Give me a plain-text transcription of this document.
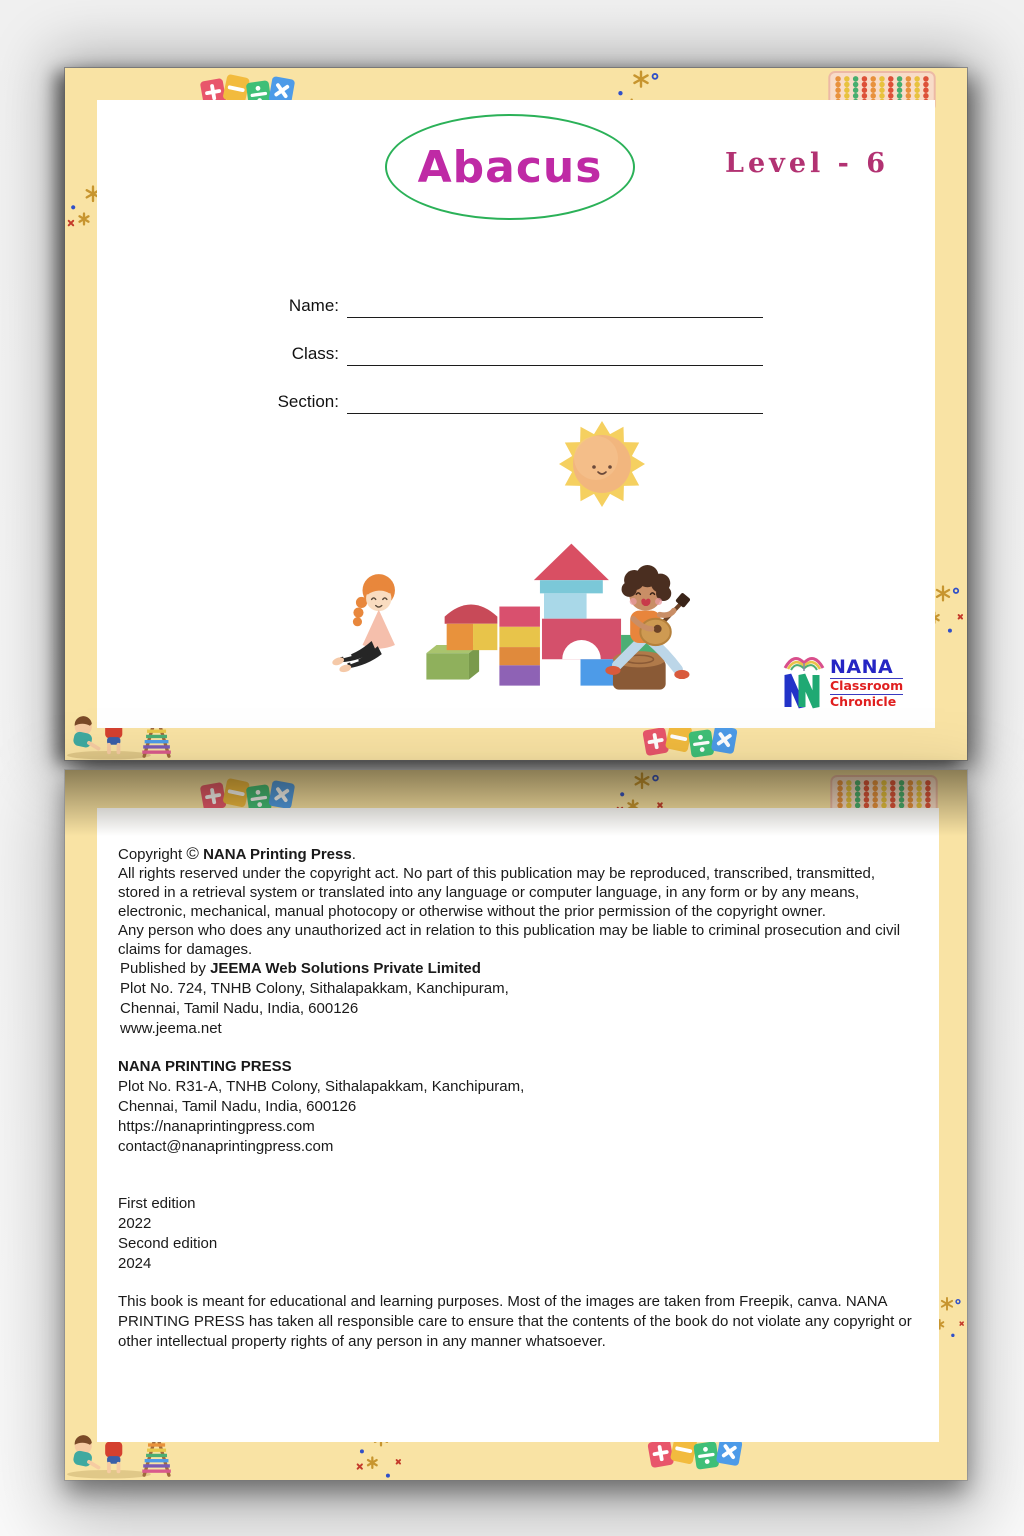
Abacus	Level - 6
Name:
Class:
Section:
NANA
Classroom
Chronicle

Copyright © NANA Printing Press.

All rights reserved under the copyright act. No part of this publication may be reproduced, transcribed, transmitted, stored in a retrieval system or translated into any language or computer language, in any form or by any means, electronic, mechanical, manual photocopy or otherwise without the prior permission of the copyright owner.

Any person who does any unauthorized act in relation to this publication may be liable to criminal prosecution and civil claims for damages.

Published by JEEMA Web Solutions Private Limited
Plot No. 724, TNHB Colony, Sithalapakkam, Kanchipuram,
Chennai, Tamil Nadu, India, 600126
www.jeema.net
NANA PRINTING PRESS
Plot No. R31-A, TNHB Colony, Sithalapakkam, Kanchipuram,
Chennai, Tamil Nadu, India, 600126
https://nanaprintingpress.com
contact@nanaprintingpress.com
First edition
2022
Second edition
2024

This book is meant for educational and learning purposes. Most of the images are taken from Freepik, canva. NANA PRINTING PRESS has taken all responsible care to ensure that the contents of the book do not violate any copyright or other intellectual property rights of any person in any manner whatsoever.
